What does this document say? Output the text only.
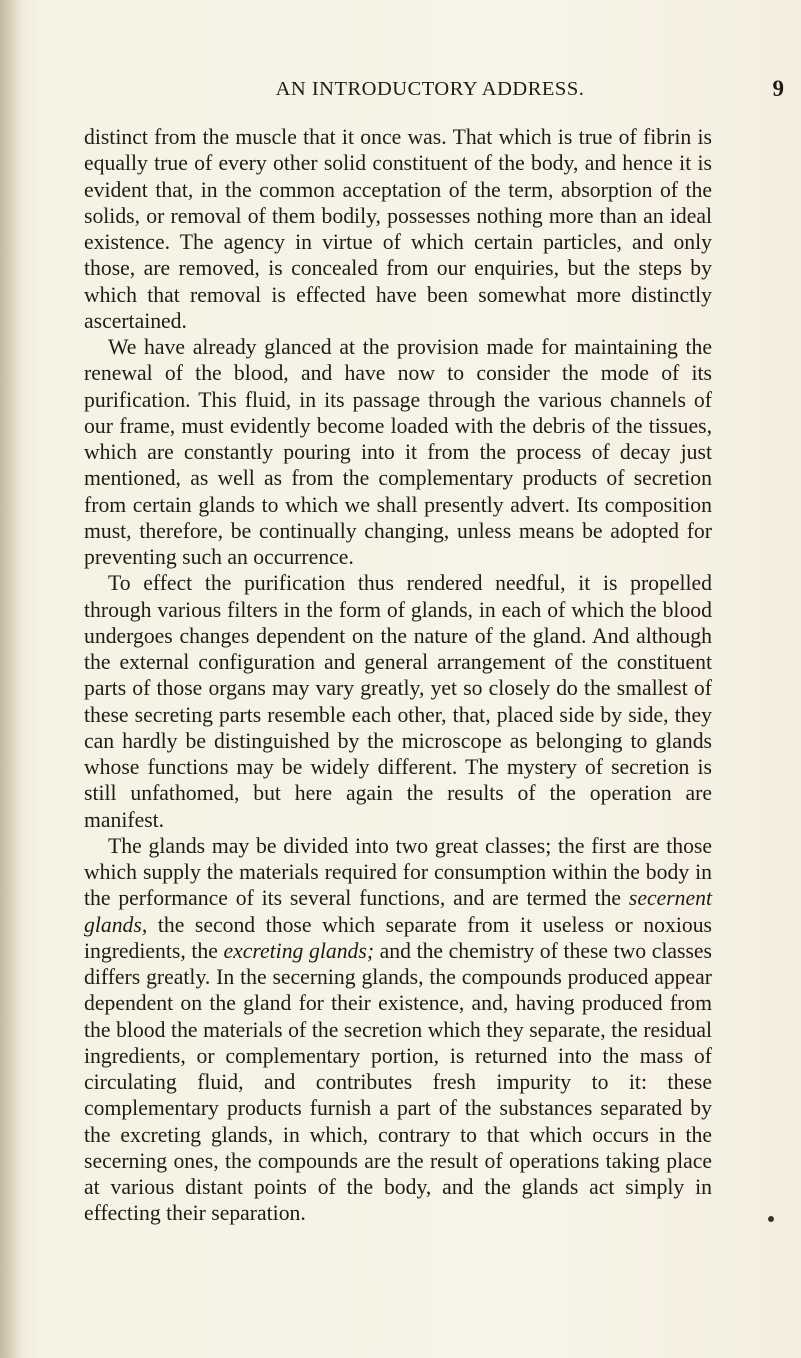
AN INTRODUCTORY ADDRESS.	9

distinct from the muscle that it once was. That which is true of fibrin is equally true of every other solid constituent of the body, and hence it is evident that, in the common acceptation of the term, absorption of the solids, or removal of them bodily, possesses nothing more than an ideal existence. The agency in virtue of which certain particles, and only those, are removed, is concealed from our enquiries, but the steps by which that removal is effected have been somewhat more distinctly ascertained.

We have already glanced at the provision made for maintaining the renewal of the blood, and have now to consider the mode of its purification. This fluid, in its passage through the various channels of our frame, must evidently become loaded with the debris of the tissues, which are constantly pouring into it from the process of decay just mentioned, as well as from the complementary products of secretion from certain glands to which we shall presently advert. Its composition must, therefore, be continually changing, unless means be adopted for preventing such an occurrence.

To effect the purification thus rendered needful, it is propelled through various filters in the form of glands, in each of which the blood undergoes changes dependent on the nature of the gland. And although the external configuration and general arrangement of the constituent parts of those organs may vary greatly, yet so closely do the smallest of these secreting parts resemble each other, that, placed side by side, they can hardly be distinguished by the microscope as belonging to glands whose functions may be widely different. The mystery of secretion is still unfathomed, but here again the results of the operation are manifest.

The glands may be divided into two great classes; the first are those which supply the materials required for consumption within the body in the performance of its several functions, and are termed the secernent glands, the second those which separate from it useless or noxious ingredients, the excreting glands; and the chemistry of these two classes differs greatly. In the secerning glands, the compounds produced appear dependent on the gland for their existence, and, having produced from the blood the materials of the secretion which they separate, the residual ingredients, or complementary portion, is returned into the mass of circulating fluid, and contributes fresh impurity to it: these complementary products furnish a part of the substances separated by the excreting glands, in which, contrary to that which occurs in the secerning ones, the compounds are the result of operations taking place at various distant points of the body, and the glands act simply in effecting their separation.
